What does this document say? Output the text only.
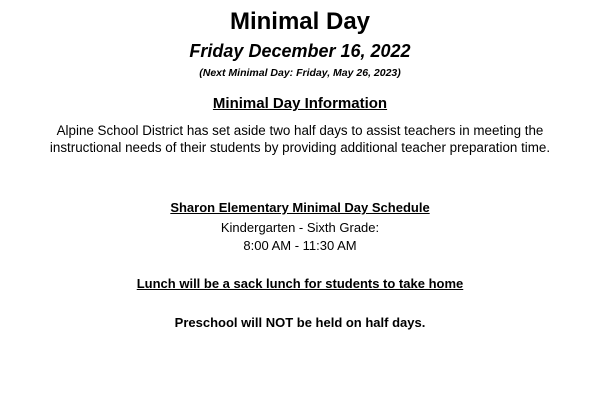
Minimal Day
Friday December 16, 2022
(Next Minimal Day: Friday, May 26, 2023)
Minimal Day Information
Alpine School District has set aside two half days to assist teachers in meeting the instructional needs of their students by providing additional teacher preparation time.
Sharon Elementary Minimal Day Schedule
Kindergarten - Sixth Grade:
8:00 AM - 11:30 AM
Lunch will be a sack lunch for students to take home
Preschool will NOT be held on half days.
